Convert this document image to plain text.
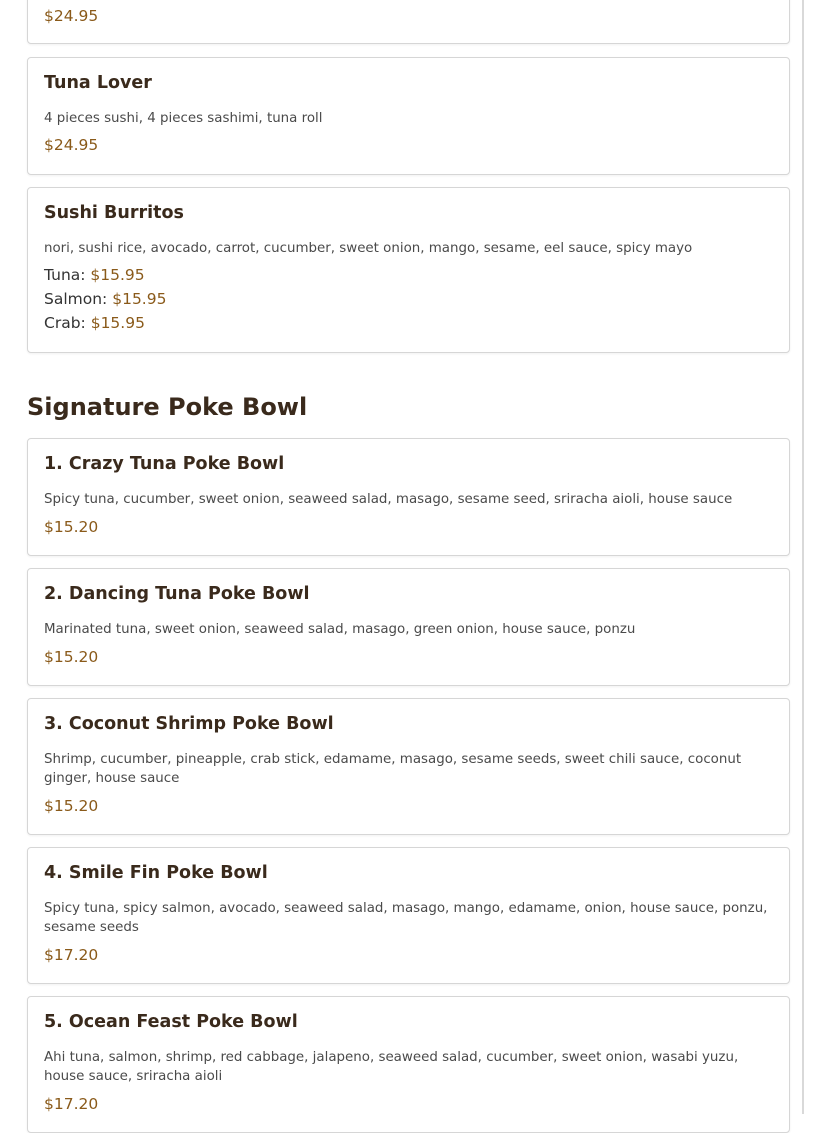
$24.95
Tuna Lover

4 pieces sushi, 4 pieces sashimi, tuna roll

$24.95
Sushi Burritos

nori, sushi rice, avocado, carrot, cucumber, sweet onion, mango, sesame, eel sauce, spicy mayo

Tuna: $15.95
Salmon: $15.95
Crab: $15.95
Signature Poke Bowl
1. Crazy Tuna Poke Bowl

Spicy tuna, cucumber, sweet onion, seaweed salad, masago, sesame seed, sriracha aioli, house sauce

$15.20
2. Dancing Tuna Poke Bowl

Marinated tuna, sweet onion, seaweed salad, masago, green onion, house sauce, ponzu

$15.20
3. Coconut Shrimp Poke Bowl

Shrimp, cucumber, pineapple, crab stick, edamame, masago, sesame seeds, sweet chili sauce, coconut ginger, house sauce

$15.20
4. Smile Fin Poke Bowl

Spicy tuna, spicy salmon, avocado, seaweed salad, masago, mango, edamame, onion, house sauce, ponzu, sesame seeds

$17.20
5. Ocean Feast Poke Bowl

Ahi tuna, salmon, shrimp, red cabbage, jalapeno, seaweed salad, cucumber, sweet onion, wasabi yuzu, house sauce, sriracha aioli

$17.20
